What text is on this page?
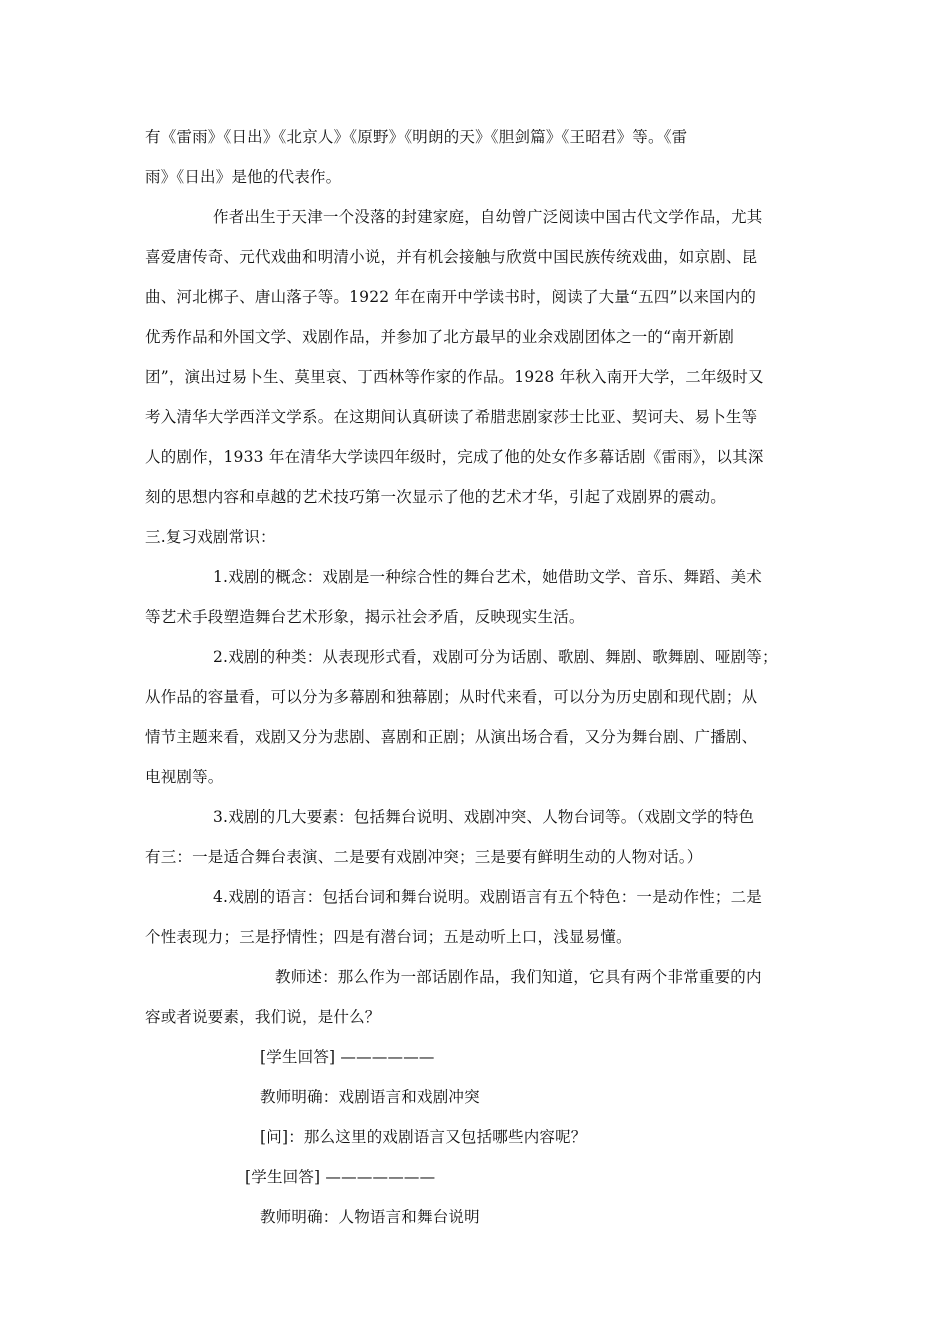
有《雷雨》《日出》《北京人》《原野》《明朗的天》《胆剑篇》《王昭君》等。《雷
雨》《日出》是他的代表作。
作者出生于天津一个没落的封建家庭，自幼曾广泛阅读中国古代文学作品，尤其
喜爱唐传奇、元代戏曲和明清小说，并有机会接触与欣赏中国民族传统戏曲，如京剧、昆
曲、河北梆子、唐山落子等。1922 年在南开中学读书时，阅读了大量“五四”以来国内的
优秀作品和外国文学、戏剧作品，并参加了北方最早的业余戏剧团体之一的“南开新剧
团”，演出过易卜生、莫里哀、丁西林等作家的作品。1928 年秋入南开大学，二年级时又
考入清华大学西洋文学系。在这期间认真研读了希腊悲剧家莎士比亚、契诃夫、易卜生等
人的剧作，1933 年在清华大学读四年级时，完成了他的处女作多幕话剧《雷雨》，以其深
刻的思想内容和卓越的艺术技巧第一次显示了他的艺术才华，引起了戏剧界的震动。
三.复习戏剧常识：
1.戏剧的概念：戏剧是一种综合性的舞台艺术，她借助文学、音乐、舞蹈、美术
等艺术手段塑造舞台艺术形象，揭示社会矛盾，反映现实生活。
2.戏剧的种类：从表现形式看，戏剧可分为话剧、歌剧、舞剧、歌舞剧、哑剧等；
从作品的容量看，可以分为多幕剧和独幕剧；从时代来看，可以分为历史剧和现代剧；从
情节主题来看，戏剧又分为悲剧、喜剧和正剧；从演出场合看，又分为舞台剧、广播剧、
电视剧等。
3.戏剧的几大要素：包括舞台说明、戏剧冲突、人物台词等。（戏剧文学的特色
有三：一是适合舞台表演、二是要有戏剧冲突；三是要有鲜明生动的人物对话。）
4.戏剧的语言：包括台词和舞台说明。戏剧语言有五个特色：一是动作性；二是
个性表现力；三是抒情性；四是有潜台词；五是动听上口，浅显易懂。
教师述：那么作为一部话剧作品，我们知道，它具有两个非常重要的内
容或者说要素，我们说，是什么？
[学生回答] ——————
教师明确：戏剧语言和戏剧冲突
[问]：那么这里的戏剧语言又包括哪些内容呢？
[学生回答] ———————
教师明确：人物语言和舞台说明
